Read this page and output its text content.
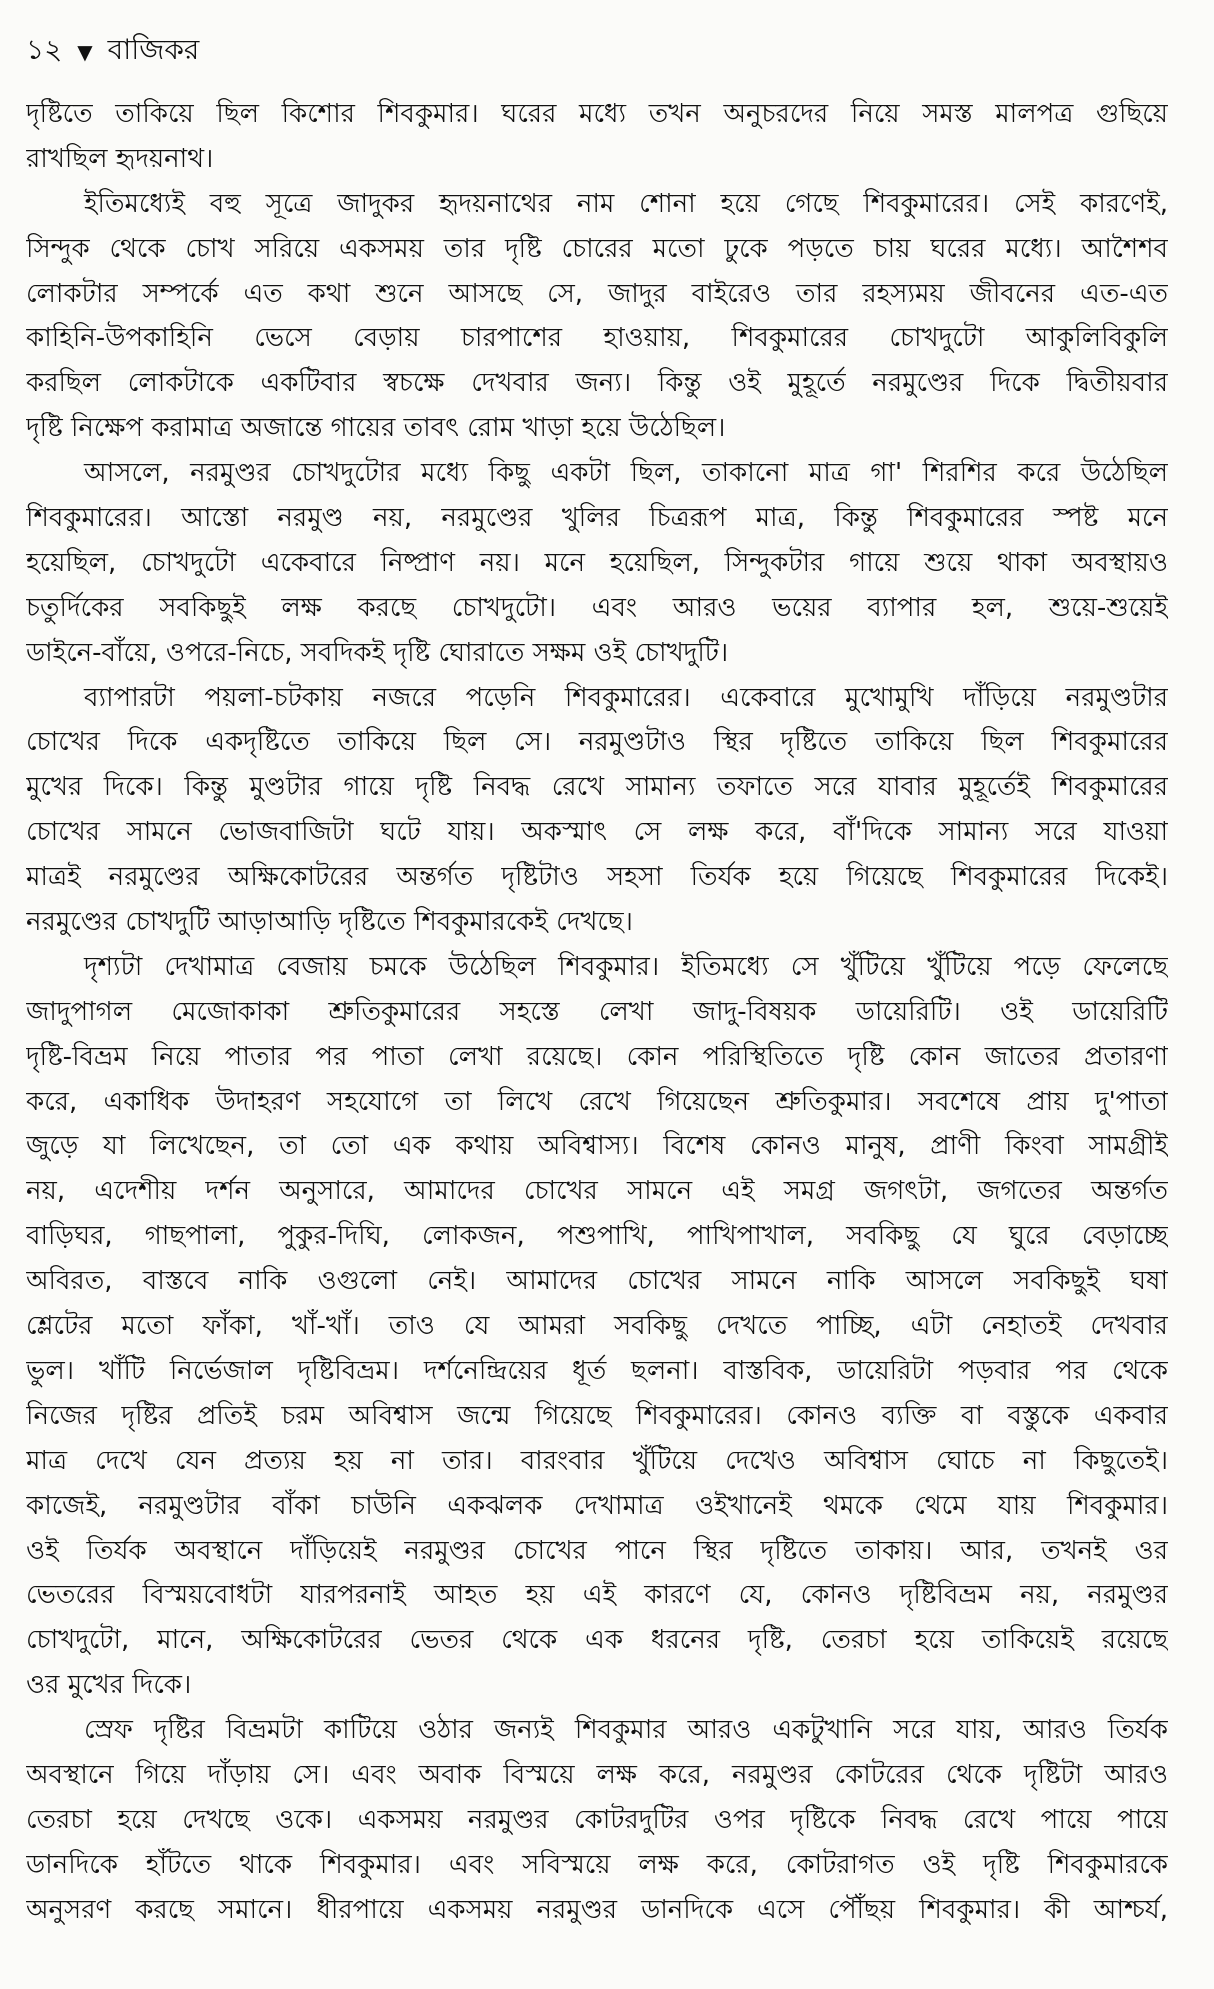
১২ ▼ বাজিকর
দৃষ্টিতে তাকিয়ে ছিল কিশোর শিবকুমার। ঘরের মধ্যে তখন অনুচরদের নিয়ে সমস্ত মালপত্র গুছিয়ে
রাখছিল হৃদয়নাথ।
ইতিমধ্যেই বহু সূত্রে জাদুকর হৃদয়নাথের নাম শোনা হয়ে গেছে শিবকুমারের। সেই কারণেই,
সিন্দুক থেকে চোখ সরিয়ে একসময় তার দৃষ্টি চোরের মতো ঢুকে পড়তে চায় ঘরের মধ্যে। আশৈশব
লোকটার সম্পর্কে এত কথা শুনে আসছে সে, জাদুর বাইরেও তার রহস্যময় জীবনের এত-এত
কাহিনি-উপকাহিনি ভেসে বেড়ায় চারপাশের হাওয়ায়, শিবকুমারের চোখদুটো আকুলিবিকুলি
করছিল লোকটাকে একটিবার স্বচক্ষে দেখবার জন্য। কিন্তু ওই মুহূর্তে নরমুণ্ডের দিকে দ্বিতীয়বার
দৃষ্টি নিক্ষেপ করামাত্র অজান্তে গায়ের তাবৎ রোম খাড়া হয়ে উঠেছিল।
আসলে, নরমুণ্ডর চোখদুটোর মধ্যে কিছু একটা ছিল, তাকানো মাত্র গা' শিরশির করে উঠেছিল
শিবকুমারের। আস্তো নরমুণ্ড নয়, নরমুণ্ডের খুলির চিত্ররূপ মাত্র, কিন্তু শিবকুমারের স্পষ্ট মনে
হয়েছিল, চোখদুটো একেবারে নিষ্প্রাণ নয়। মনে হয়েছিল, সিন্দুকটার গায়ে শুয়ে থাকা অবস্থায়ও
চতুর্দিকের সবকিছুই লক্ষ করছে চোখদুটো। এবং আরও ভয়ের ব্যাপার হল, শুয়ে-শুয়েই
ডাইনে-বাঁয়ে, ওপরে-নিচে, সবদিকই দৃষ্টি ঘোরাতে সক্ষম ওই চোখদুটি।
ব্যাপারটা পয়লা-চটকায় নজরে পড়েনি শিবকুমারের। একেবারে মুখোমুখি দাঁড়িয়ে নরমুণ্ডটার
চোখের দিকে একদৃষ্টিতে তাকিয়ে ছিল সে। নরমুণ্ডটাও স্থির দৃষ্টিতে তাকিয়ে ছিল শিবকুমারের
মুখের দিকে। কিন্তু মুণ্ডটার গায়ে দৃষ্টি নিবদ্ধ রেখে সামান্য তফাতে সরে যাবার মুহূর্তেই শিবকুমারের
চোখের সামনে ভোজবাজিটা ঘটে যায়। অকস্মাৎ সে লক্ষ করে, বাঁ'দিকে সামান্য সরে যাওয়া
মাত্রই নরমুণ্ডের অক্ষিকোটরের অন্তর্গত দৃষ্টিটাও সহসা তির্যক হয়ে গিয়েছে শিবকুমারের দিকেই।
নরমুণ্ডের চোখদুটি আড়াআড়ি দৃষ্টিতে শিবকুমারকেই দেখছে।
দৃশ্যটা দেখামাত্র বেজায় চমকে উঠেছিল শিবকুমার। ইতিমধ্যে সে খুঁটিয়ে খুঁটিয়ে পড়ে ফেলেছে
জাদুপাগল মেজোকাকা শ্রুতিকুমারের সহস্তে লেখা জাদু-বিষয়ক ডায়েরিটি। ওই ডায়েরিটি
দৃষ্টি-বিভ্রম নিয়ে পাতার পর পাতা লেখা রয়েছে। কোন পরিস্থিতিতে দৃষ্টি কোন জাতের প্রতারণা
করে, একাধিক উদাহরণ সহযোগে তা লিখে রেখে গিয়েছেন শ্রুতিকুমার। সবশেষে প্রায় দু'পাতা
জুড়ে যা লিখেছেন, তা তো এক কথায় অবিশ্বাস্য। বিশেষ কোনও মানুষ, প্রাণী কিংবা সামগ্রীই
নয়, এদেশীয় দর্শন অনুসারে, আমাদের চোখের সামনে এই সমগ্র জগৎটা, জগতের অন্তর্গত
বাড়িঘর, গাছপালা, পুকুর-দিঘি, লোকজন, পশুপাখি, পাখিপাখাল, সবকিছু যে ঘুরে বেড়াচ্ছে
অবিরত, বাস্তবে নাকি ওগুলো নেই। আমাদের চোখের সামনে নাকি আসলে সবকিছুই ঘষা
শ্লেটের মতো ফাঁকা, খাঁ-খাঁ। তাও যে আমরা সবকিছু দেখতে পাচ্ছি, এটা নেহাতই দেখবার
ভুল। খাঁটি নির্ভেজাল দৃষ্টিবিভ্রম। দর্শনেন্দ্রিয়ের ধূর্ত ছলনা। বাস্তবিক, ডায়েরিটা পড়বার পর থেকে
নিজের দৃষ্টির প্রতিই চরম অবিশ্বাস জন্মে গিয়েছে শিবকুমারের। কোনও ব্যক্তি বা বস্তুকে একবার
মাত্র দেখে যেন প্রত্যয় হয় না তার। বারংবার খুঁটিয়ে দেখেও অবিশ্বাস ঘোচে না কিছুতেই।
কাজেই, নরমুণ্ডটার বাঁকা চাউনি একঝলক দেখামাত্র ওইখানেই থমকে থেমে যায় শিবকুমার।
ওই তির্যক অবস্থানে দাঁড়িয়েই নরমুণ্ডর চোখের পানে স্থির দৃষ্টিতে তাকায়। আর, তখনই ওর
ভেতরের বিস্ময়বোধটা যারপরনাই আহত হয় এই কারণে যে, কোনও দৃষ্টিবিভ্রম নয়, নরমুণ্ডর
চোখদুটো, মানে, অক্ষিকোটরের ভেতর থেকে এক ধরনের দৃষ্টি, তেরচা হয়ে তাকিয়েই রয়েছে
ওর মুখের দিকে।
স্রেফ দৃষ্টির বিভ্রমটা কাটিয়ে ওঠার জন্যই শিবকুমার আরও একটুখানি সরে যায়, আরও তির্যক
অবস্থানে গিয়ে দাঁড়ায় সে। এবং অবাক বিস্ময়ে লক্ষ করে, নরমুণ্ডর কোটরের থেকে দৃষ্টিটা আরও
তেরচা হয়ে দেখছে ওকে। একসময় নরমুণ্ডর কোটরদুটির ওপর দৃষ্টিকে নিবদ্ধ রেখে পায়ে পায়ে
ডানদিকে হাঁটতে থাকে শিবকুমার। এবং সবিস্ময়ে লক্ষ করে, কোটরাগত ওই দৃষ্টি শিবকুমারকে
অনুসরণ করছে সমানে। ধীরপায়ে একসময় নরমুণ্ডর ডানদিকে এসে পৌঁছয় শিবকুমার। কী আশ্চর্য,
